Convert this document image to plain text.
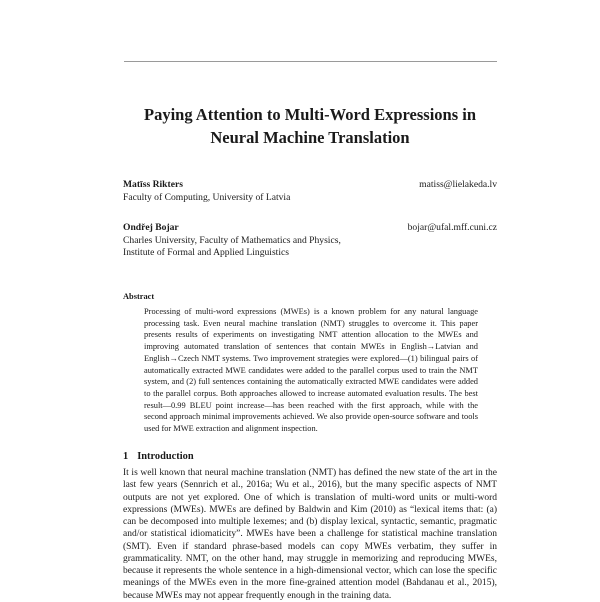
Paying Attention to Multi-Word Expressions in
Neural Machine Translation
Matīss Rikters	matiss@lielakeda.lv
Faculty of Computing, University of Latvia
Ondřej Bojar	bojar@ufal.mff.cuni.cz
Charles University, Faculty of Mathematics and Physics,
Institute of Formal and Applied Linguistics
Abstract
Processing of multi-word expressions (MWEs) is a known problem for any natural language processing task. Even neural machine translation (NMT) struggles to overcome it. This paper presents results of experiments on investigating NMT attention allocation to the MWEs and improving automated translation of sentences that contain MWEs in English→Latvian and English→Czech NMT systems. Two improvement strategies were explored—(1) bilingual pairs of automatically extracted MWE candidates were added to the parallel corpus used to train the NMT system, and (2) full sentences containing the automatically extracted MWE candidates were added to the parallel corpus. Both approaches allowed to increase automated evaluation results. The best result—0.99 BLEU point increase—has been reached with the first approach, while with the second approach minimal improvements achieved. We also provide open-source software and tools used for MWE extraction and alignment inspection.
1 Introduction
It is well known that neural machine translation (NMT) has defined the new state of the art in the last few years (Sennrich et al., 2016a; Wu et al., 2016), but the many specific aspects of NMT outputs are not yet explored. One of which is translation of multi-word units or multi-word expressions (MWEs). MWEs are defined by Baldwin and Kim (2010) as “lexical items that: (a) can be decomposed into multiple lexemes; and (b) display lexical, syntactic, semantic, pragmatic and/or statistical idiomaticity”. MWEs have been a challenge for statistical machine translation (SMT). Even if standard phrase-based models can copy MWEs verbatim, they suffer in grammaticality. NMT, on the other hand, may struggle in memorizing and reproducing MWEs, because it represents the whole sentence in a high-dimensional vector, which can lose the specific meanings of the MWEs even in the more fine-grained attention model (Bahdanau et al., 2015), because MWEs may not appear frequently enough in the training data.
